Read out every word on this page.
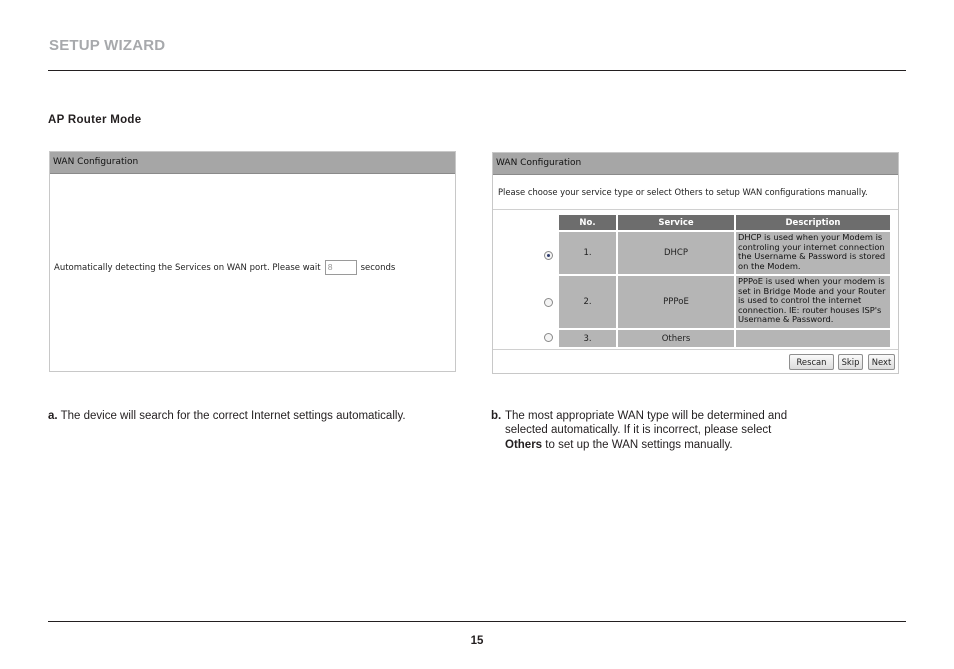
SETUP WIZARD
AP Router Mode
WAN Configuration
Automatically detecting the Services on WAN port. Please wait 8	seconds
WAN Configuration
Please choose your service type or select Others to setup WAN configurations manually.
No.	Service	Description
1.	DHCP	DHCP is used when your Modem is controling your internet connection the Username & Password is stored on the Modem.
2.	PPPoE	PPPoE is used when your modem is set in Bridge Mode and your Router is used to control the internet connection. IE: router houses ISP's Username & Password.
3.	Others	
Rescan	Skip	Next
a. The device will search for the correct Internet settings automatically.	b. The most appropriate WAN type will be determined and
selected automatically. If it is incorrect, please select
Others to set up the WAN settings manually.
15
